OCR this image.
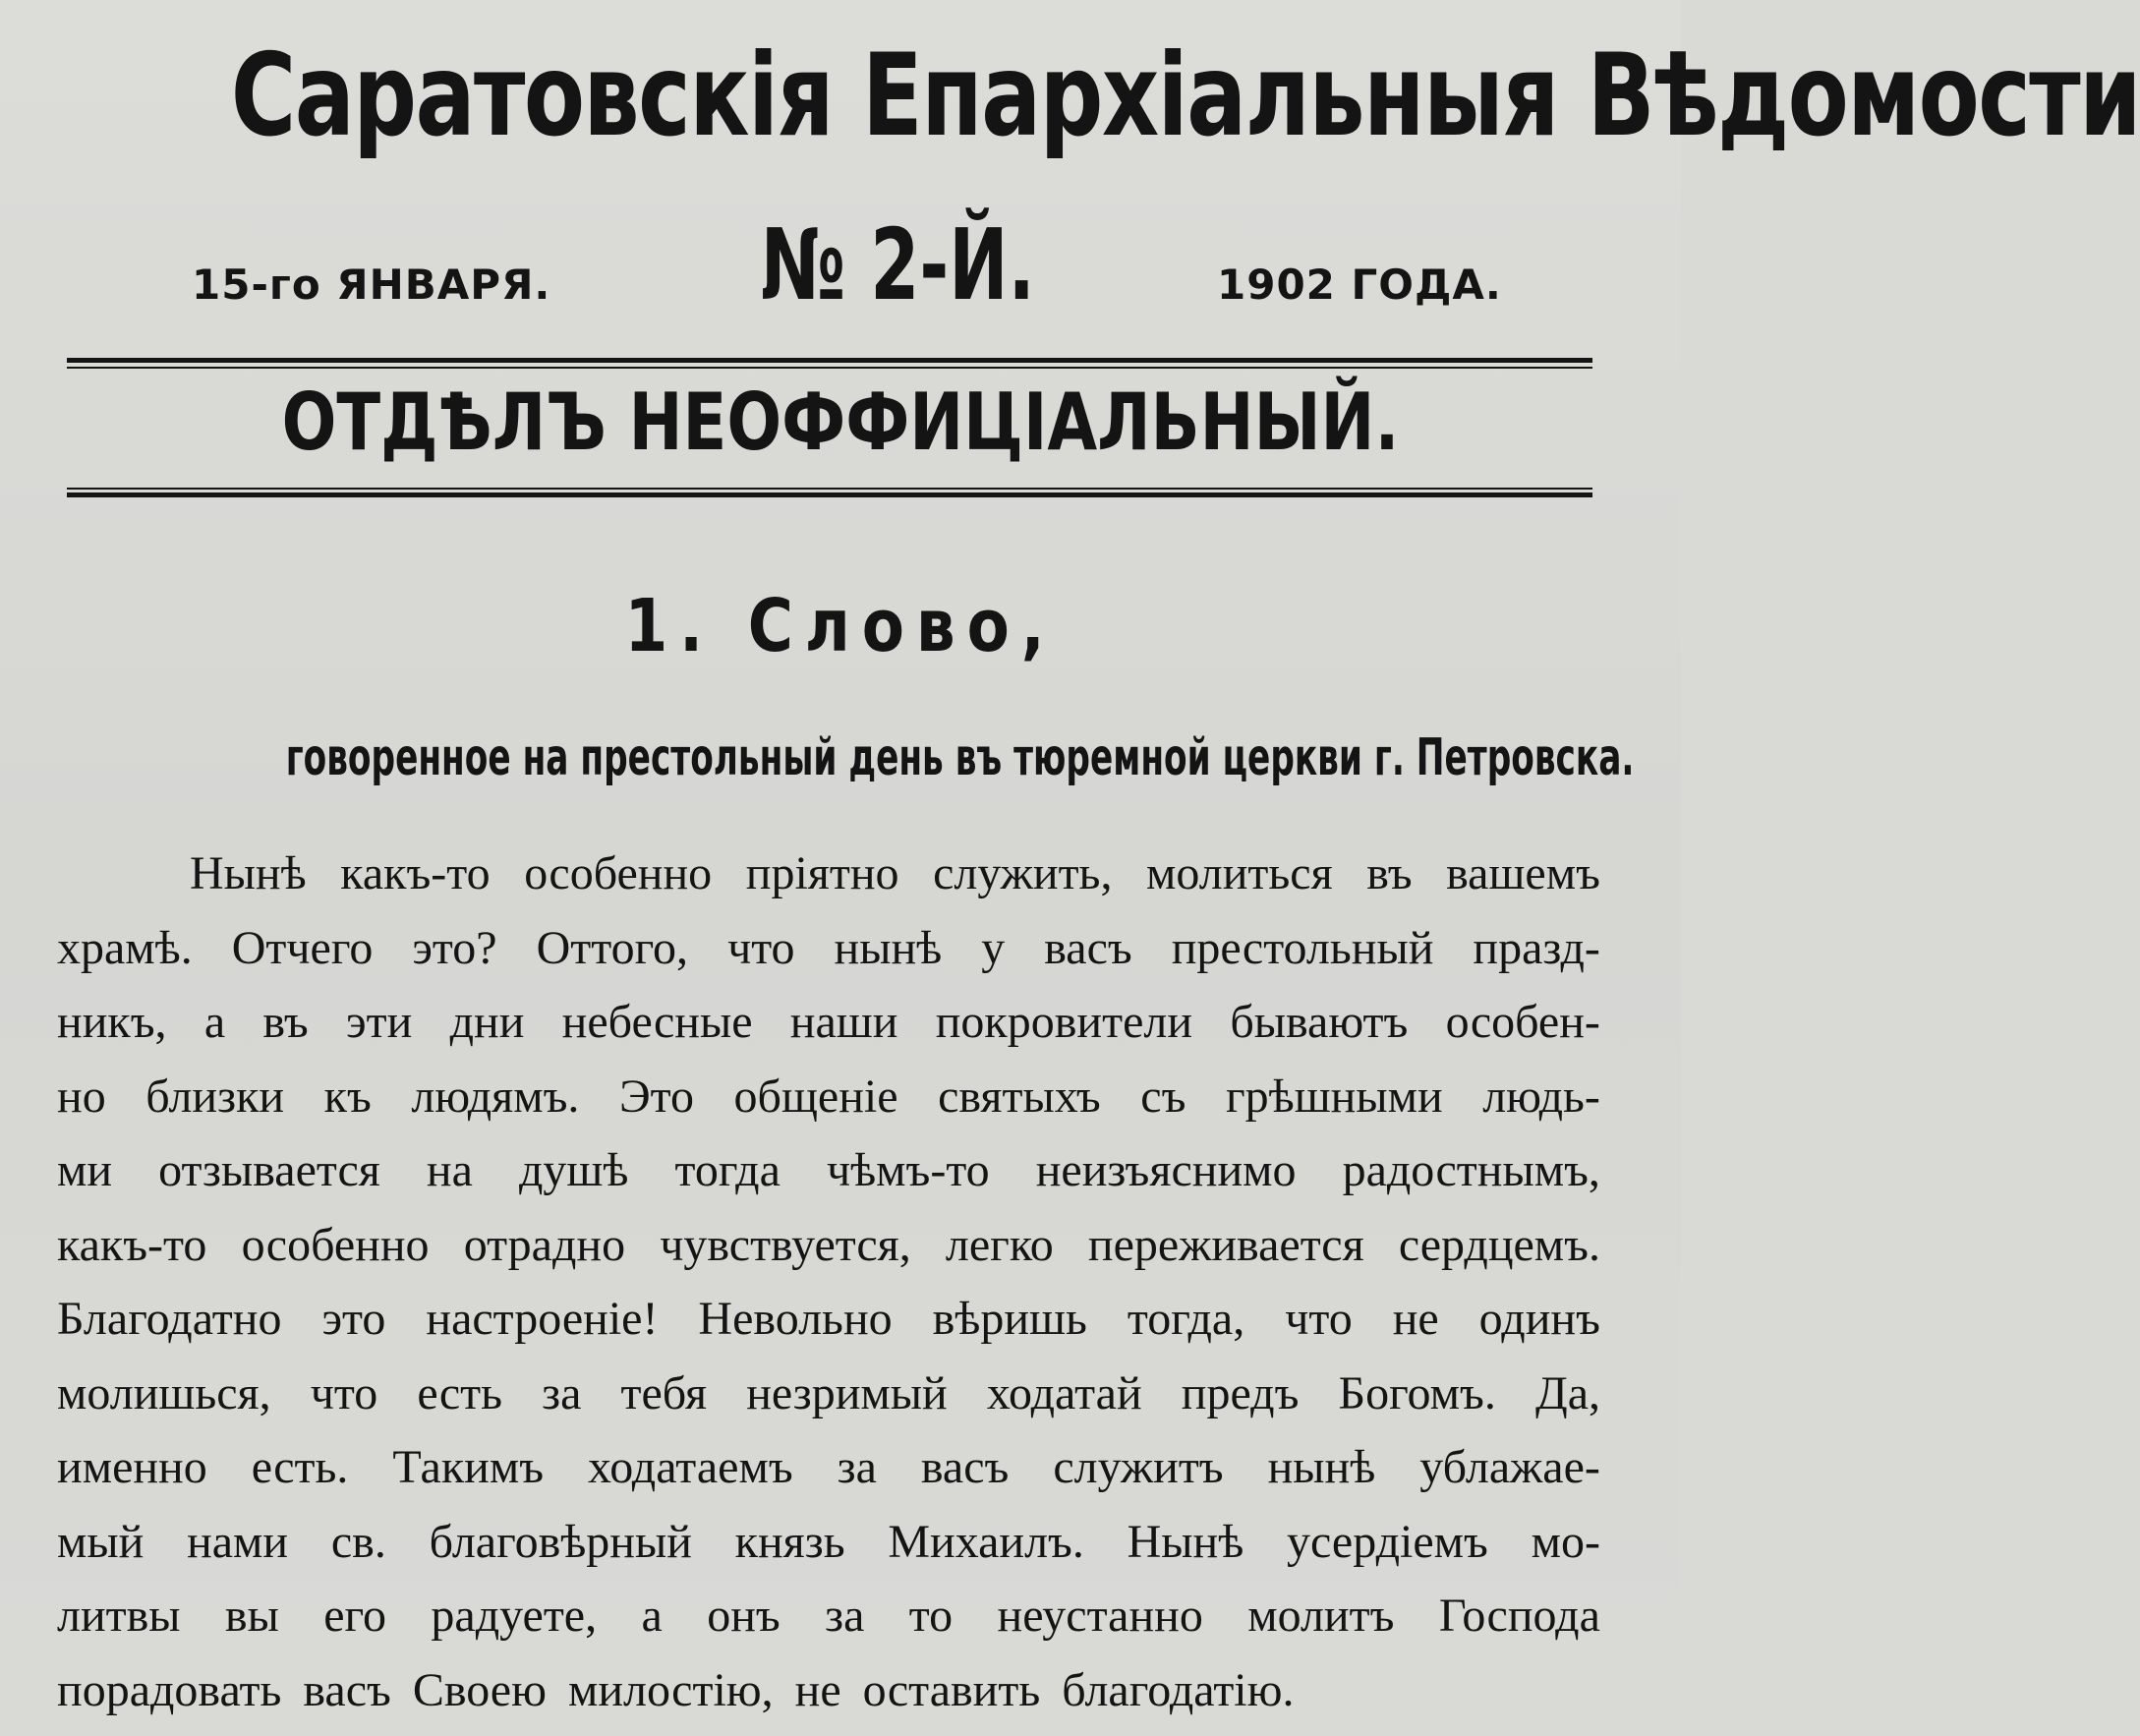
Саратовскія Епархіальныя Вѣдомости
15-го ЯНВАРЯ. № 2-Й.	1902 ГОДА.
ОТДѢЛЪ НЕОФФИЦІАЛЬНЫЙ.
1. Слово,
говоренное на престольный день въ тюремной церкви г. Петровска.
Нынѣ какъ-то особенно пріятно служить, молиться въ вашемъ
храмѣ. Отчего это? Оттого, что нынѣ у васъ престольный празд-
никъ, а въ эти дни небесные наши покровители бываютъ особен-
но близки къ людямъ. Это общеніе святыхъ съ грѣшными людь-
ми отзывается на душѣ тогда чѣмъ-то неизъяснимо радостнымъ,
какъ-то особенно отрадно чувствуется, легко переживается сердцемъ.
Благодатно это настроеніе! Невольно вѣришь тогда, что не одинъ
молишься, что есть за тебя незримый ходатай предъ Богомъ. Да,
именно есть. Такимъ ходатаемъ за васъ служитъ нынѣ ублажае-
мый нами св. благовѣрный князь Михаилъ. Нынѣ усердіемъ мо-
литвы вы его радуете, а онъ за то неустанно молитъ Господа
порадовать васъ Своею милостію, не оставить благодатію.
